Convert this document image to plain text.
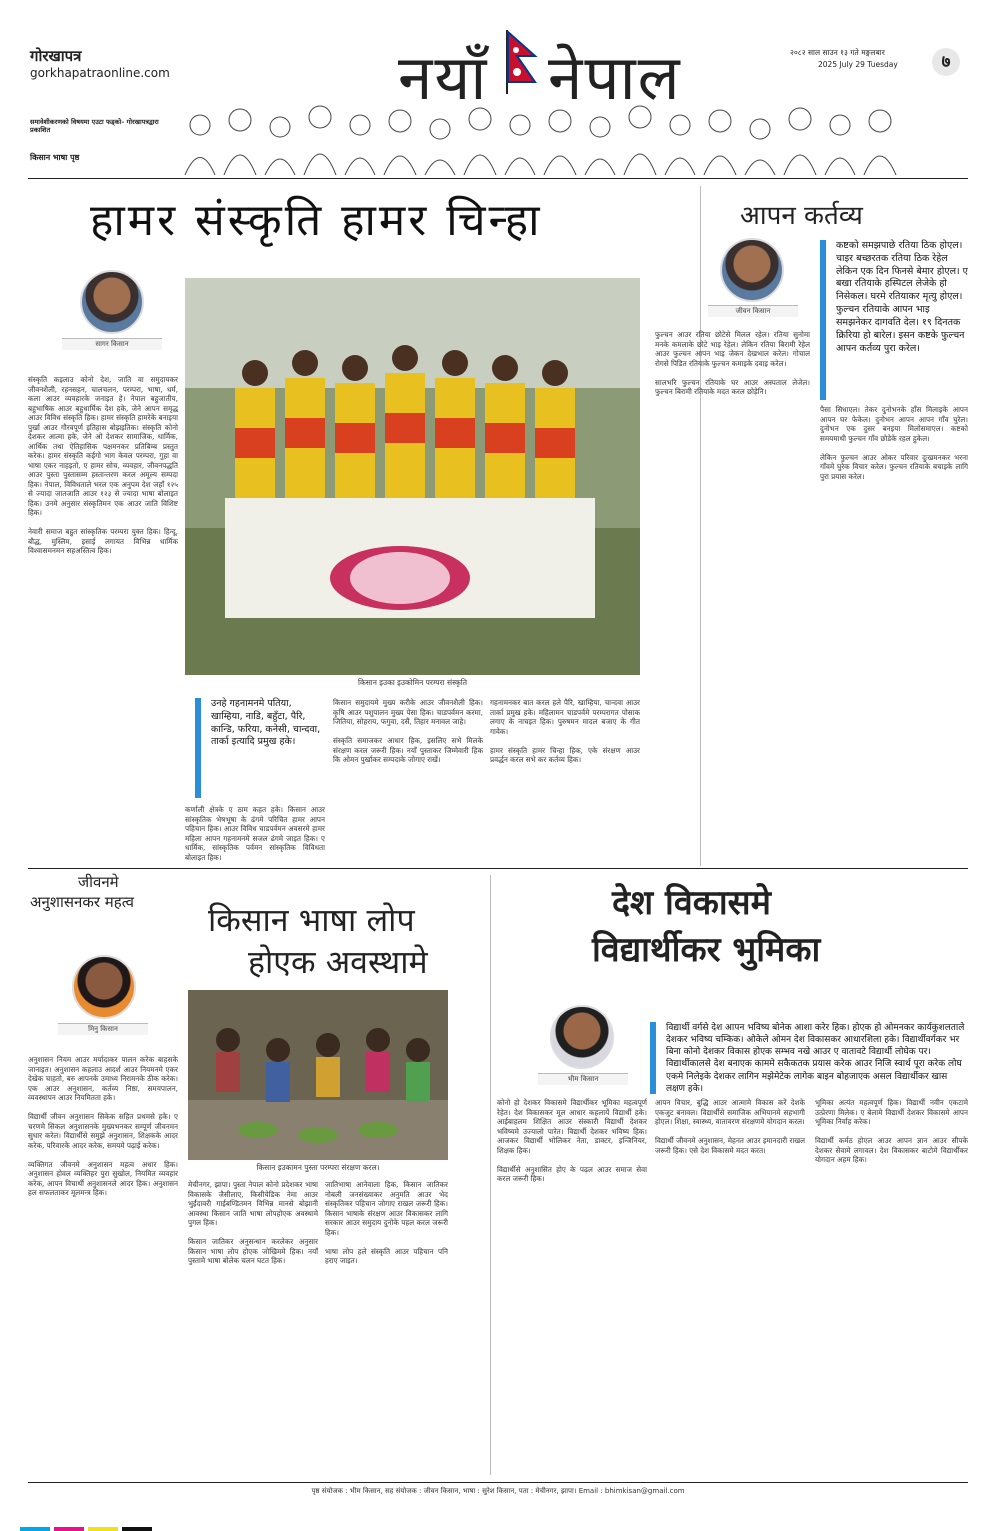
गोरखापत्र
gorkhapatraonline.com
समावेशीकरणको विषयमा एउटा फड्को– गोरखापत्रद्वारा प्रकाशित
किसान भाषा पृष्ठ
नयाँ नेपाल	२०८२ साल साउन १३ गते मङ्गलबार
2025 July 29 Tuesday	७
हामर संस्कृति हामर चिन्हा
सागर किसान
किसान इउका इउकोमिन परम्परा संस्कृति
संस्कृति कइलाउ कोनो देश, जाति वा समुदायकर जीवनशैली, रहनसहन, चालचलन, परम्परा, भाषा, धर्म, कला आउर व्यवहारके जनाइत हे। नेपाल बहुजातीय, बहुभाषिक आउर बहुधार्मिक देश हके, जेने आपन समृद्ध आउर विविध संस्कृति हिक। हामर संस्कृति हामरेके बनाइया पुर्खा आउर गौरवपूर्ण इतिहास बोझइतिक। संस्कृति कोनो देशकर आत्मा हके, जेने ओ देशकर सामाजिक, धार्मिक, आर्थिक तथा ऐतिहासिक पक्षमनकर प्रतिबिम्ब प्रस्तुत करेक। हामर संस्कृति कईगो भाग केवल परम्परा, गुहा वा भाषा एकर नाहइतो, ए हामर सोच, व्यवहार, जीवनपद्धति आउर पुस्ता पुस्तासम्म हस्तान्तरण करल अमूल्य सम्पदा हिक। नेपाल, विविधताले भरल एक अनुपम देश जहाँ १२५ से ज्यादा जातजाति आउर १२३ से ज्यादा भाषा बोलाइत हिक। उनमे अनुसार संस्कृतिमन एक आउर जाति विशिष्ट हिक।

नेवारी समाज बहुत सांस्कृतिक परम्परा युक्त हिक। हिन्दू, बौद्ध, मुस्लिम, इसाई लगायत विभिन्न धार्मिक विश्वासमनमन सहअस्तित्व हिक।
उनहे गहनामनमे पतिया, खाम्हिया, नाडि, बहुँटा, पैरि, कान्डि, फरिया, कनेसी, चान्दवा, तार्का इत्यादि प्रमुख हके।
कर्णाली क्षेत्रके ए ठाम कहत हके। किसान आउर सांस्कृतिक भेषभूषा के ढंगमे परिचित हामर आपन पहिचान हिक। आउर विविध चाडपर्वमन अवसरमे हामर महिला आपन गहनामनमे सजल ढंगमे जाइत हिक। ए धार्मिक, सांस्कृतिक पर्वमन सांस्कृतिक विविधता बोलाइत हिक।

किसान समुदायमे मुख्य करीके आउर जीवनशैली हिक। कृषि आउर पशुपालन मुख्य पेसा हिक। चाडपर्वमन करमा, जितिया, सोहराय, फगुवा, दसैं, तिहार मनावल जाहे।

संस्कृति समाजकर आधार हिक, इसलिए सभे मिलके संरक्षण करल जरूरी हिक। नयाँ पुस्ताकर जिम्मेवारी हिक कि ओमन पुर्खाकर सम्पदाके जोगाए राखें।
गहनामनकर बात करल हले पैरि, खाम्हिया, चान्दवा आउर तार्का प्रमुख हके। महिलामन चाडपर्वमे परम्परागत पोसाक लगाए के नाचइत हिक। पुरुषमन मादल बजाए के गीत गावेक।

हामर संस्कृति हामर चिन्हा हिक, एके संरक्षण आउर प्रवर्द्धन करल सभे कर कर्तव्य हिक।
आपन कर्तव्य
जीवन किसान
कष्टको समझपाछे रतिया ठिक होएल। चाइर बच्छरतक रतिया ठिक रेहेल लेकिन एक दिन फिनसे बेमार होएल। ए बखा रतियाके हस्पिटल लेजेके हो निसेकल। घरमे रतियाकर मृत्यु होएल। फुल्चन रतियाके आपन भाइ समझनेकर दागवति देल। १९ दिनतक क्रिरिया हो बारेल। इसन कष्टके फुल्चन आपन कर्तव्य पुरा करेल।
फुल्चन आउर रतिया छोटेसे मिलल रहेल। रतिया सुनोमा मनके कमलाके छोटे भाइ रेहेल। लेकिन रतिया बिरामी रेहेल आउर फुल्चन आपन भाइ जेकन देखभाल करेल। गोचाल रोगसे पिडित रतियाके फुल्चन कमाइके दवाइ करेल।

सालभरि फुल्चन रतियाके घर आउर अस्पताल लेजेल। फुल्चन बिरामी रतियाके मदत करल छोड़ेनि।
पैसा सिधाएल। तेकर दुनोभनके हाँस मिलाइके आपन आपन घर फेकेल। दुनोभन आपन आपन गाँव घुरेल। दुनोभन एक दुसर बनइया मिलोसमाएल। कष्टको समयमाथी फुल्चन गाँव छोडेके रहल हुकेल।

लेकिन फुल्चन आउर ओकर परिवार दुःखमनकर भरना गाँवमे घुरेक विचार करेल। फुल्चन रतियाके बचाइके लागि पुरा प्रयास करेल।
जीवनमे
अनुशासनकर महत्व
मिनु किसान
अनुशासन नियम आउर मर्यादाकर पालन करेक बाहसके जानाइत। अनुशासन कहलाउ आदर्श आउर नियमनमे एकर देखेक चाहतो, बरु आपनके उमाध्य निरामनके ठीक करेक। एक आउर अनुशासन, कर्तव्य निष्ठा, समयपालन, व्यवस्थापन आउर नियमितता हके।

विद्यार्थी जीवन अनुशासन सिकेक सहित प्रथमसे हके। ए चरणमे सिकल अनुशासनके मुख्यभनकर सम्पूर्ण जीवनमन सुधार करेल। विद्यार्थीसे समुझे अनुशासन, शिक्षकके आदर करेक, परिवारके आदर करेक, समयमे पढ़ाई करेक।

व्यक्तिगत जीवनमे अनुशासन महत्व अधार हिक। अनुशासन होवल व्यक्तिहर पुरा सुखोल, नियमित व्यवहार करेक, आपन विचार्थी अनुशासनले आदर हिक। अनुशासन हल सफलताकर मूलमन्त्र हिक।
किसान भाषा लोप
होएक अवस्थामे
किसान इउकामन पुस्ता परम्परा संरक्षण करल।
मेचीनगर, झापा। पुस्ता नेपाल कोनो प्रदेशकर भाषा विकासके जैसीलाए, किसीयेडिक नेमा आउर भुईंदावरी गाईबण्डितमन विभिन्न मानसे बोझानी आवस्था किसान जाति भाषा लोपहोएक अवस्थामे पुगल हिक।

किसान जातिकर अनुसन्धान करलेकर अनुसार किसान भाषा लोप होएक जोखिममे हिक। नयाँ पुस्तामे भाषा बोलेक चलन घटत हिक।
जातिभाषा आनेवाला हिक, किसान जातिकर नोबली जनसंख्याकर अनुमति आउर भेद संस्कृतिकर पहिचान जोगाए राखल जरूरी हिक। किसान भाषाके संरक्षण आउर विकासकर लागि सरकार आउर समुदाय दुनोके पहल करल जरूरी हिक।

भाषा लोप हले संस्कृति आउर पहिचान पनि हराए जाइत।
देश विकासमे
विद्यार्थीकर भुमिका
भीम किसान
विद्यार्थी वर्गसे देश आपन भविष्य बोनेक आशा करेर हिक। होएक हो ओमनकर कार्यकुशलताले देशकर भविष्य चम्किक। ओकेले ओमन देश विकासकर आधारशिला हके। विद्यार्थीवर्गकर भर बिना कोनो देशकर विकास होएक सम्भव नखे आउर ए वातावटे विद्यार्थी लोघेक पर। विद्यार्थीकालसे देश बनाएक काममे सकैकतक प्रयास करेक आउर निजि स्वार्थ पूरा करेक लोघ एकमे निलेइके देशकर लागिन मझेमेटेक लागेक बाइन बोहजाएक असल विद्यार्थीकर खास लक्षण हके।
कोनो हो देशकर विकासमे विद्यार्थीकर भूमिका महत्वपूर्ण रेहेत। देश विकासकर मूल आधार कहलायें विद्यार्थी हके। आईबाहलम शिक्षित आउर संस्कारी विद्यार्थी देशकर भविष्यमे उज्यालो पारेत। विद्यार्थी देशकर भविष्य हिक। आजकर विद्यार्थी भोलिकर नेता, डाक्टर, इन्जिनियर, शिक्षक हिक।

विद्यार्थीसे अनुशासित होए के पढ़ल आउर समाज सेवा करल जरूरी हिक।
आपन विचार, बुद्धि आउर आत्मामे विकास करें देशके एकजुट बनावल। विद्यार्थीसे समाजिक अभियानमे सहभागी होएल। शिक्षा, स्वास्थ्य, वातावरण संरक्षणमे योगदान करल।

विद्यार्थी जीवनमे अनुशासन, मेहनत आउर इमानदारी राखल जरूरी हिक। एसे देश विकासमे मदत करत।
भूमिका अत्यंत महत्वपूर्ण हिक। विद्यार्थी नवीन एकटामे उत्प्रेरणा मिलेक। ए बेलामे विद्यार्थी देशकर विकासमे आपन भूमिका निर्वाह करेक।

विद्यार्थी कर्मठ होएल आउर आपन ज्ञान आउर सीपके देशकर सेवामे लगावल। देश विकासकर बाटोमे विद्यार्थीकर योगदान अहम हिक।
पृष्ठ संयोजक : भीम किसान, सह संयोजक : जीवन किसान, भाषा : सुरेश किसान, पता : मेचीनगर, झापा। Email : bhimkisan@gmail.com
